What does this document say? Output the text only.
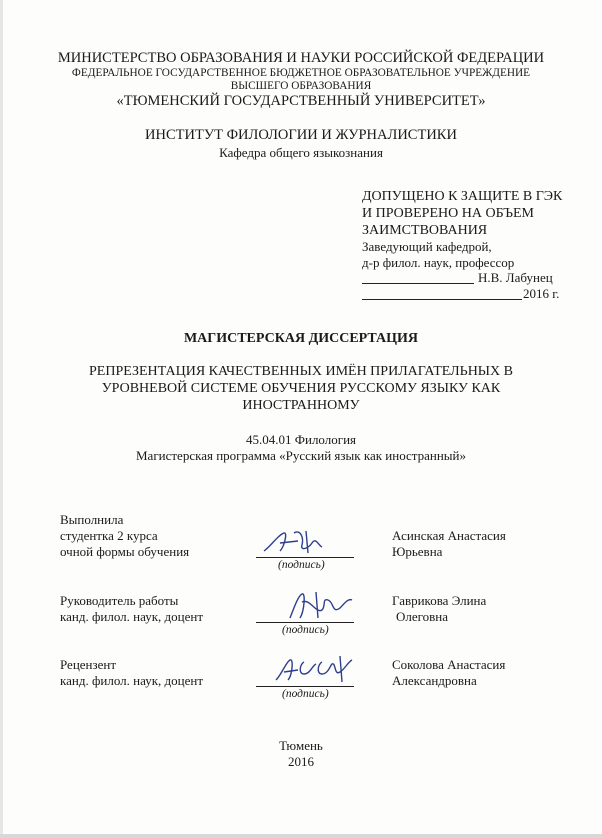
МИНИСТЕРСТВО ОБРАЗОВАНИЯ И НАУКИ РОССИЙСКОЙ ФЕДЕРАЦИИ
ФЕДЕРАЛЬНОЕ ГОСУДАРСТВЕННОЕ БЮДЖЕТНОЕ ОБРАЗОВАТЕЛЬНОЕ УЧРЕЖДЕНИЕ
ВЫСШЕГО ОБРАЗОВАНИЯ
«ТЮМЕНСКИЙ ГОСУДАРСТВЕННЫЙ УНИВЕРСИТЕТ»
ИНСТИТУТ ФИЛОЛОГИИ И ЖУРНАЛИСТИКИ
Кафедра общего языкознания
ДОПУЩЕНО К ЗАЩИТЕ В ГЭК
И ПРОВЕРЕНО НА ОБЪЕМ
ЗАИМСТВОВАНИЯ
Заведующий кафедрой,
д-р филол. наук, профессор
Н.В. Лабунец
2016 г.
МАГИСТЕРСКАЯ ДИССЕРТАЦИЯ
РЕПРЕЗЕНТАЦИЯ КАЧЕСТВЕННЫХ ИМЁН ПРИЛАГАТЕЛЬНЫХ В
УРОВНЕВОЙ СИСТЕМЕ ОБУЧЕНИЯ РУССКОМУ ЯЗЫКУ КАК
ИНОСТРАННОМУ
45.04.01 Филология
Магистерская программа «Русский язык как иностранный»
Выполнила
студентка 2 курса
очной формы обучения
(подпись)
Асинская Анастасия
Юрьевна
Руководитель работы
канд. филол. наук, доцент
(подпись)
Гаврикова Элина
Олеговна
Рецензент
канд. филол. наук, доцент
(подпись)
Соколова Анастасия
Александровна
Тюмень
2016
